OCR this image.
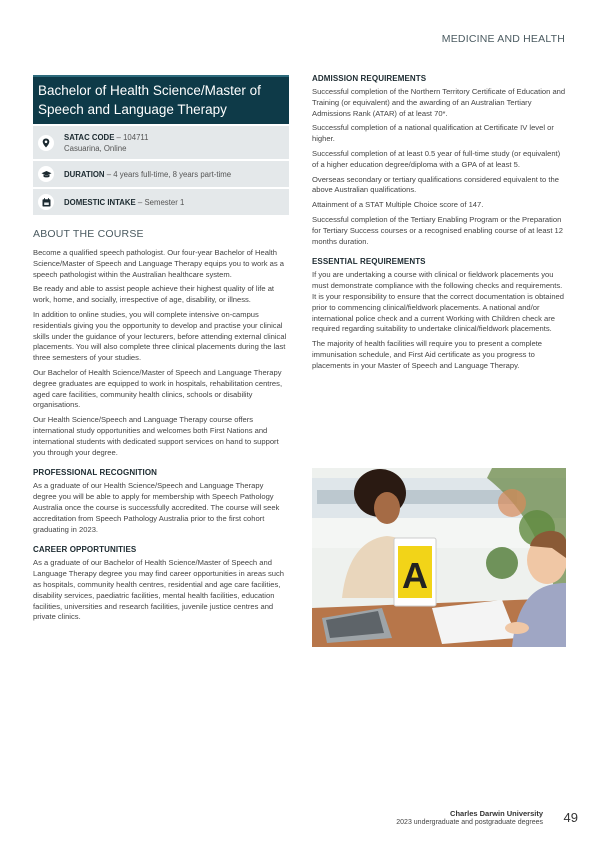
MEDICINE AND HEALTH
Bachelor of Health Science/Master of Speech and Language Therapy
SATAC CODE – 104711
Casuarina, Online
DURATION – 4 years full-time, 8 years part-time
DOMESTIC INTAKE – Semester 1
ABOUT THE COURSE

Become a qualified speech pathologist. Our four-year Bachelor of Health Science/Master of Speech and Language Therapy equips you to work as a speech pathologist within the Australian healthcare system.

Be ready and able to assist people achieve their highest quality of life at work, home, and socially, irrespective of age, disability, or illness.

In addition to online studies, you will complete intensive on-campus residentials giving you the opportunity to develop and practise your clinical skills under the guidance of your lecturers, before attending external clinical placements. You will also complete three clinical placements during the last three semesters of your studies.

Our Bachelor of Health Science/Master of Speech and Language Therapy degree graduates are equipped to work in hospitals, rehabilitation centres, aged care facilities, community health clinics, schools or disability organisations.

Our Health Science/Speech and Language Therapy course offers international study opportunities and welcomes both First Nations and international students with dedicated support services on hand to support you through your degree.

PROFESSIONAL RECOGNITION

As a graduate of our Health Science/Speech and Language Therapy degree you will be able to apply for membership with Speech Pathology Australia once the course is successfully accredited. The course will seek accreditation from Speech Pathology Australia prior to the first cohort graduating in 2023.

CAREER OPPORTUNITIES

As a graduate of our Bachelor of Health Science/Master of Speech and Language Therapy degree you may find career opportunities in areas such as hospitals, community health centres, residential and age care facilities, disability services, paediatric facilities, mental health facilities, education facilities, universities and research facilities, juvenile justice centres and private clinics.

ADMISSION REQUIREMENTS

Successful completion of the Northern Territory Certificate of Education and Training (or equivalent) and the awarding of an Australian Tertiary Admissions Rank (ATAR) of at least 70*.

Successful completion of a national qualification at Certificate IV level or higher.

Successful completion of at least 0.5 year of full-time study (or equivalent) of a higher education degree/diploma with a GPA of at least 5.

Overseas secondary or tertiary qualifications considered equivalent to the above Australian qualifications.

Attainment of a STAT Multiple Choice score of 147.

Successful completion of the Tertiary Enabling Program or the Preparation for Tertiary Success courses or a recognised enabling course of at least 12 months duration.

ESSENTIAL REQUIREMENTS

If you are undertaking a course with clinical or fieldwork placements you must demonstrate compliance with the following checks and requirements. It is your responsibility to ensure that the correct documentation is obtained prior to commencing clinical/fieldwork placements. A national and/or international police check and a current Working with Children check are required regarding suitability to undertake clinical/fieldwork placements.

The majority of health facilities will require you to present a complete immunisation schedule, and First Aid certificate as you progress to placements in your Master of Speech and Language Therapy.

A
Charles Darwin University
2023 undergraduate and postgraduate degrees 49
